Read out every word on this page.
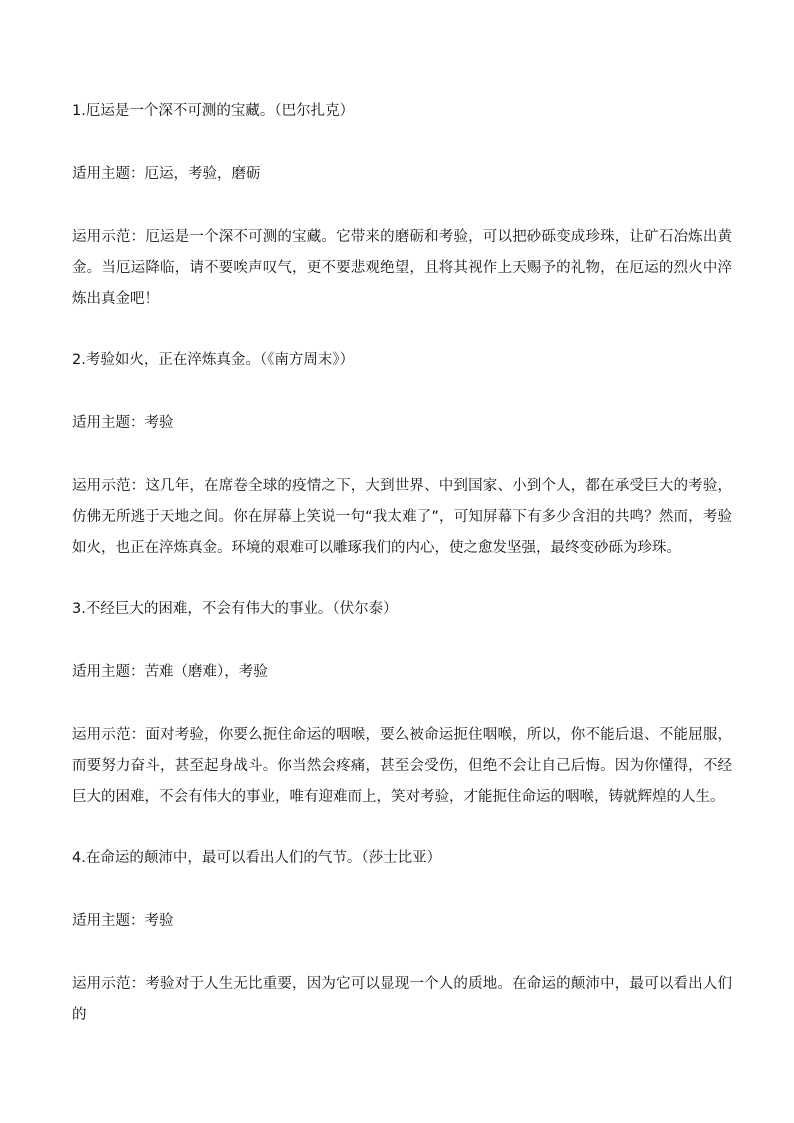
1.厄运是一个深不可测的宝藏。（巴尔扎克）
适用主题：厄运，考验，磨砺
运用示范：厄运是一个深不可测的宝藏。它带来的磨砺和考验，可以把砂砾变成珍珠，让矿石冶炼出黄金。当厄运降临，请不要唉声叹气，更不要悲观绝望，且将其视作上天赐予的礼物，在厄运的烈火中淬炼出真金吧！
2.考验如火，正在淬炼真金。（《南方周末》）
适用主题：考验
运用示范：这几年，在席卷全球的疫情之下，大到世界、中到国家、小到个人，都在承受巨大的考验，仿佛无所逃于天地之间。你在屏幕上笑说一句“我太难了”，可知屏幕下有多少含泪的共鸣？然而，考验如火，也正在淬炼真金。环境的艰难可以雕琢我们的内心，使之愈发坚强，最终变砂砾为珍珠。
3.不经巨大的困难，不会有伟大的事业。（伏尔泰）
适用主题：苦难（磨难），考验
运用示范：面对考验，你要么扼住命运的咽喉，要么被命运扼住咽喉，所以，你不能后退、不能屈服，而要努力奋斗，甚至起身战斗。你当然会疼痛，甚至会受伤，但绝不会让自己后悔。因为你懂得，不经巨大的困难，不会有伟大的事业，唯有迎难而上，笑对考验，才能扼住命运的咽喉，铸就辉煌的人生。
4.在命运的颠沛中，最可以看出人们的气节。（莎士比亚）
适用主题：考验
运用示范：考验对于人生无比重要，因为它可以显现一个人的质地。在命运的颠沛中，最可以看出人们的
